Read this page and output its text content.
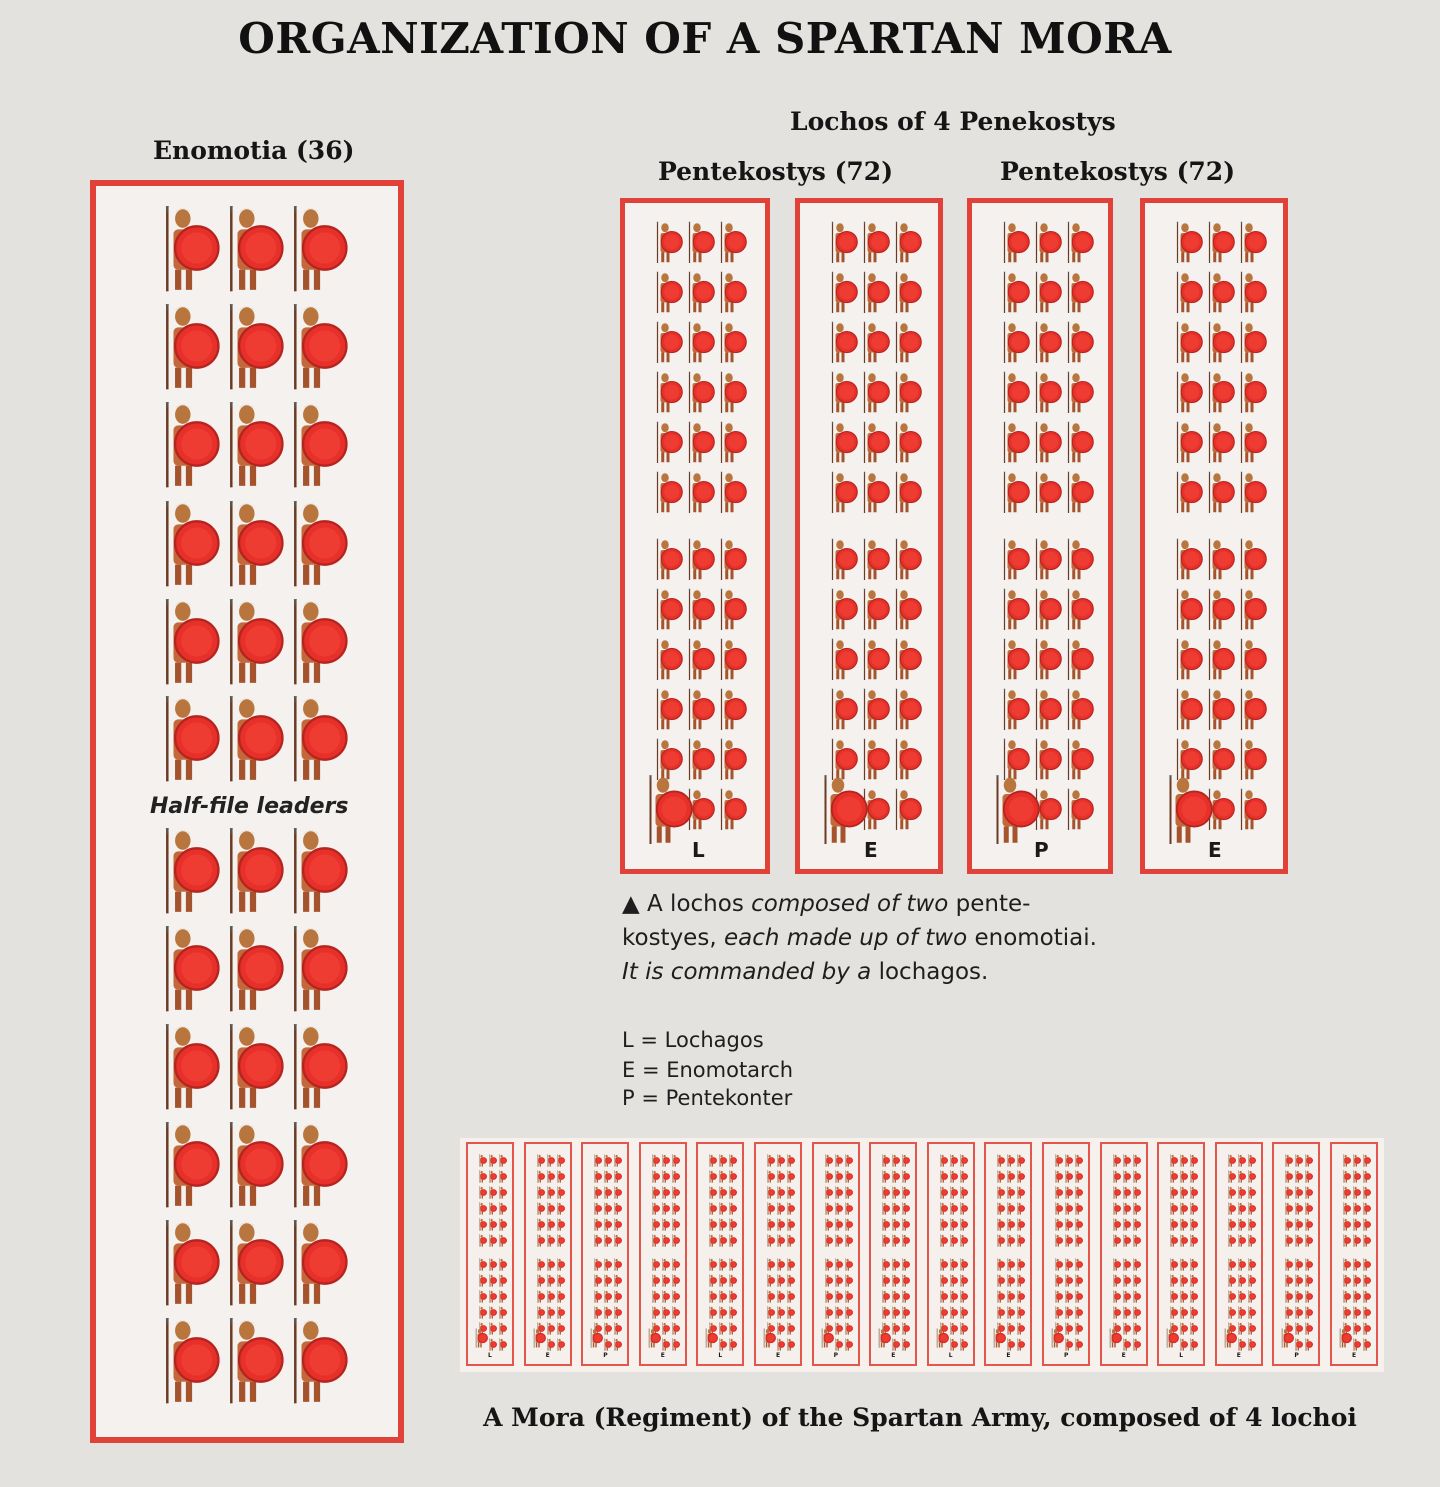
ORGANIZATION OF A SPARTAN MORA
Enomotia (36)
Half-file leaders
Lochos of 4 Penekostys
Pentekostys (72)	Pentekostys (72)
L	E	P	E
▲ A lochos composed of two pente-kostyes, each made up of two enomotiai. It is commanded by a lochagos.
L = Lochagos
E = Enomotarch
P = Pentekonter
L	E	P	E	L	E	P	E	L	E	P	E	L	E	P	E
A Mora (Regiment) of the Spartan Army, composed of 4 lochoi
